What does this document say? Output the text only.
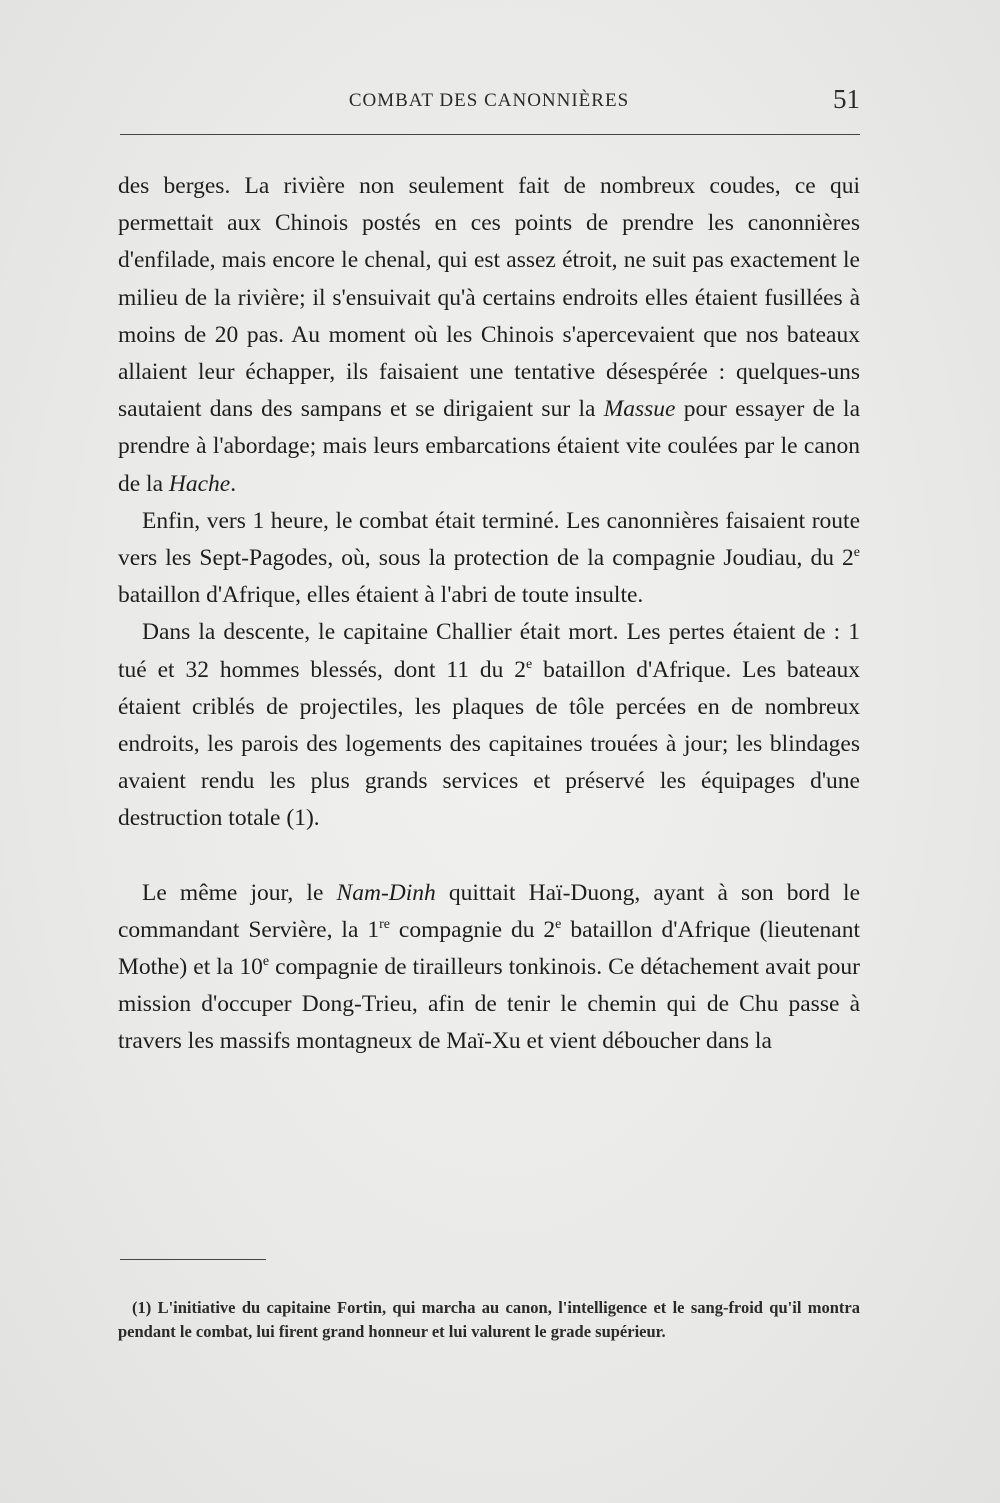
COMBAT DES CANONNIÈRES	51

des berges. La rivière non seulement fait de nombreux coudes, ce qui permettait aux Chinois postés en ces points de prendre les canonnières d'enfilade, mais encore le chenal, qui est assez étroit, ne suit pas exactement le milieu de la rivière; il s'ensuivait qu'à certains endroits elles étaient fusillées à moins de 20 pas. Au moment où les Chinois s'apercevaient que nos bateaux allaient leur échapper, ils faisaient une tentative désespérée : quelques-uns sautaient dans des sampans et se dirigaient sur la Massue pour essayer de la prendre à l'abordage; mais leurs embarcations étaient vite coulées par le canon de la Hache.

Enfin, vers 1 heure, le combat était terminé. Les canonnières faisaient route vers les Sept-Pagodes, où, sous la protection de la compagnie Joudiau, du 2e bataillon d'Afrique, elles étaient à l'abri de toute insulte.

Dans la descente, le capitaine Challier était mort. Les pertes étaient de : 1 tué et 32 hommes blessés, dont 11 du 2e bataillon d'Afrique. Les bateaux étaient criblés de projectiles, les plaques de tôle percées en de nombreux endroits, les parois des logements des capitaines trouées à jour; les blindages avaient rendu les plus grands services et préservé les équipages d'une destruction totale (1).

Le même jour, le Nam-Dinh quittait Haï-Duong, ayant à son bord le commandant Servière, la 1re compagnie du 2e bataillon d'Afrique (lieutenant Mothe) et la 10e compagnie de tirailleurs tonkinois. Ce détachement avait pour mission d'occuper Dong-Trieu, afin de tenir le chemin qui de Chu passe à travers les massifs montagneux de Maï-Xu et vient déboucher dans la

(1) L'initiative du capitaine Fortin, qui marcha au canon, l'intelligence et le sang-froid qu'il montra pendant le combat, lui firent grand honneur et lui valurent le grade supérieur.
